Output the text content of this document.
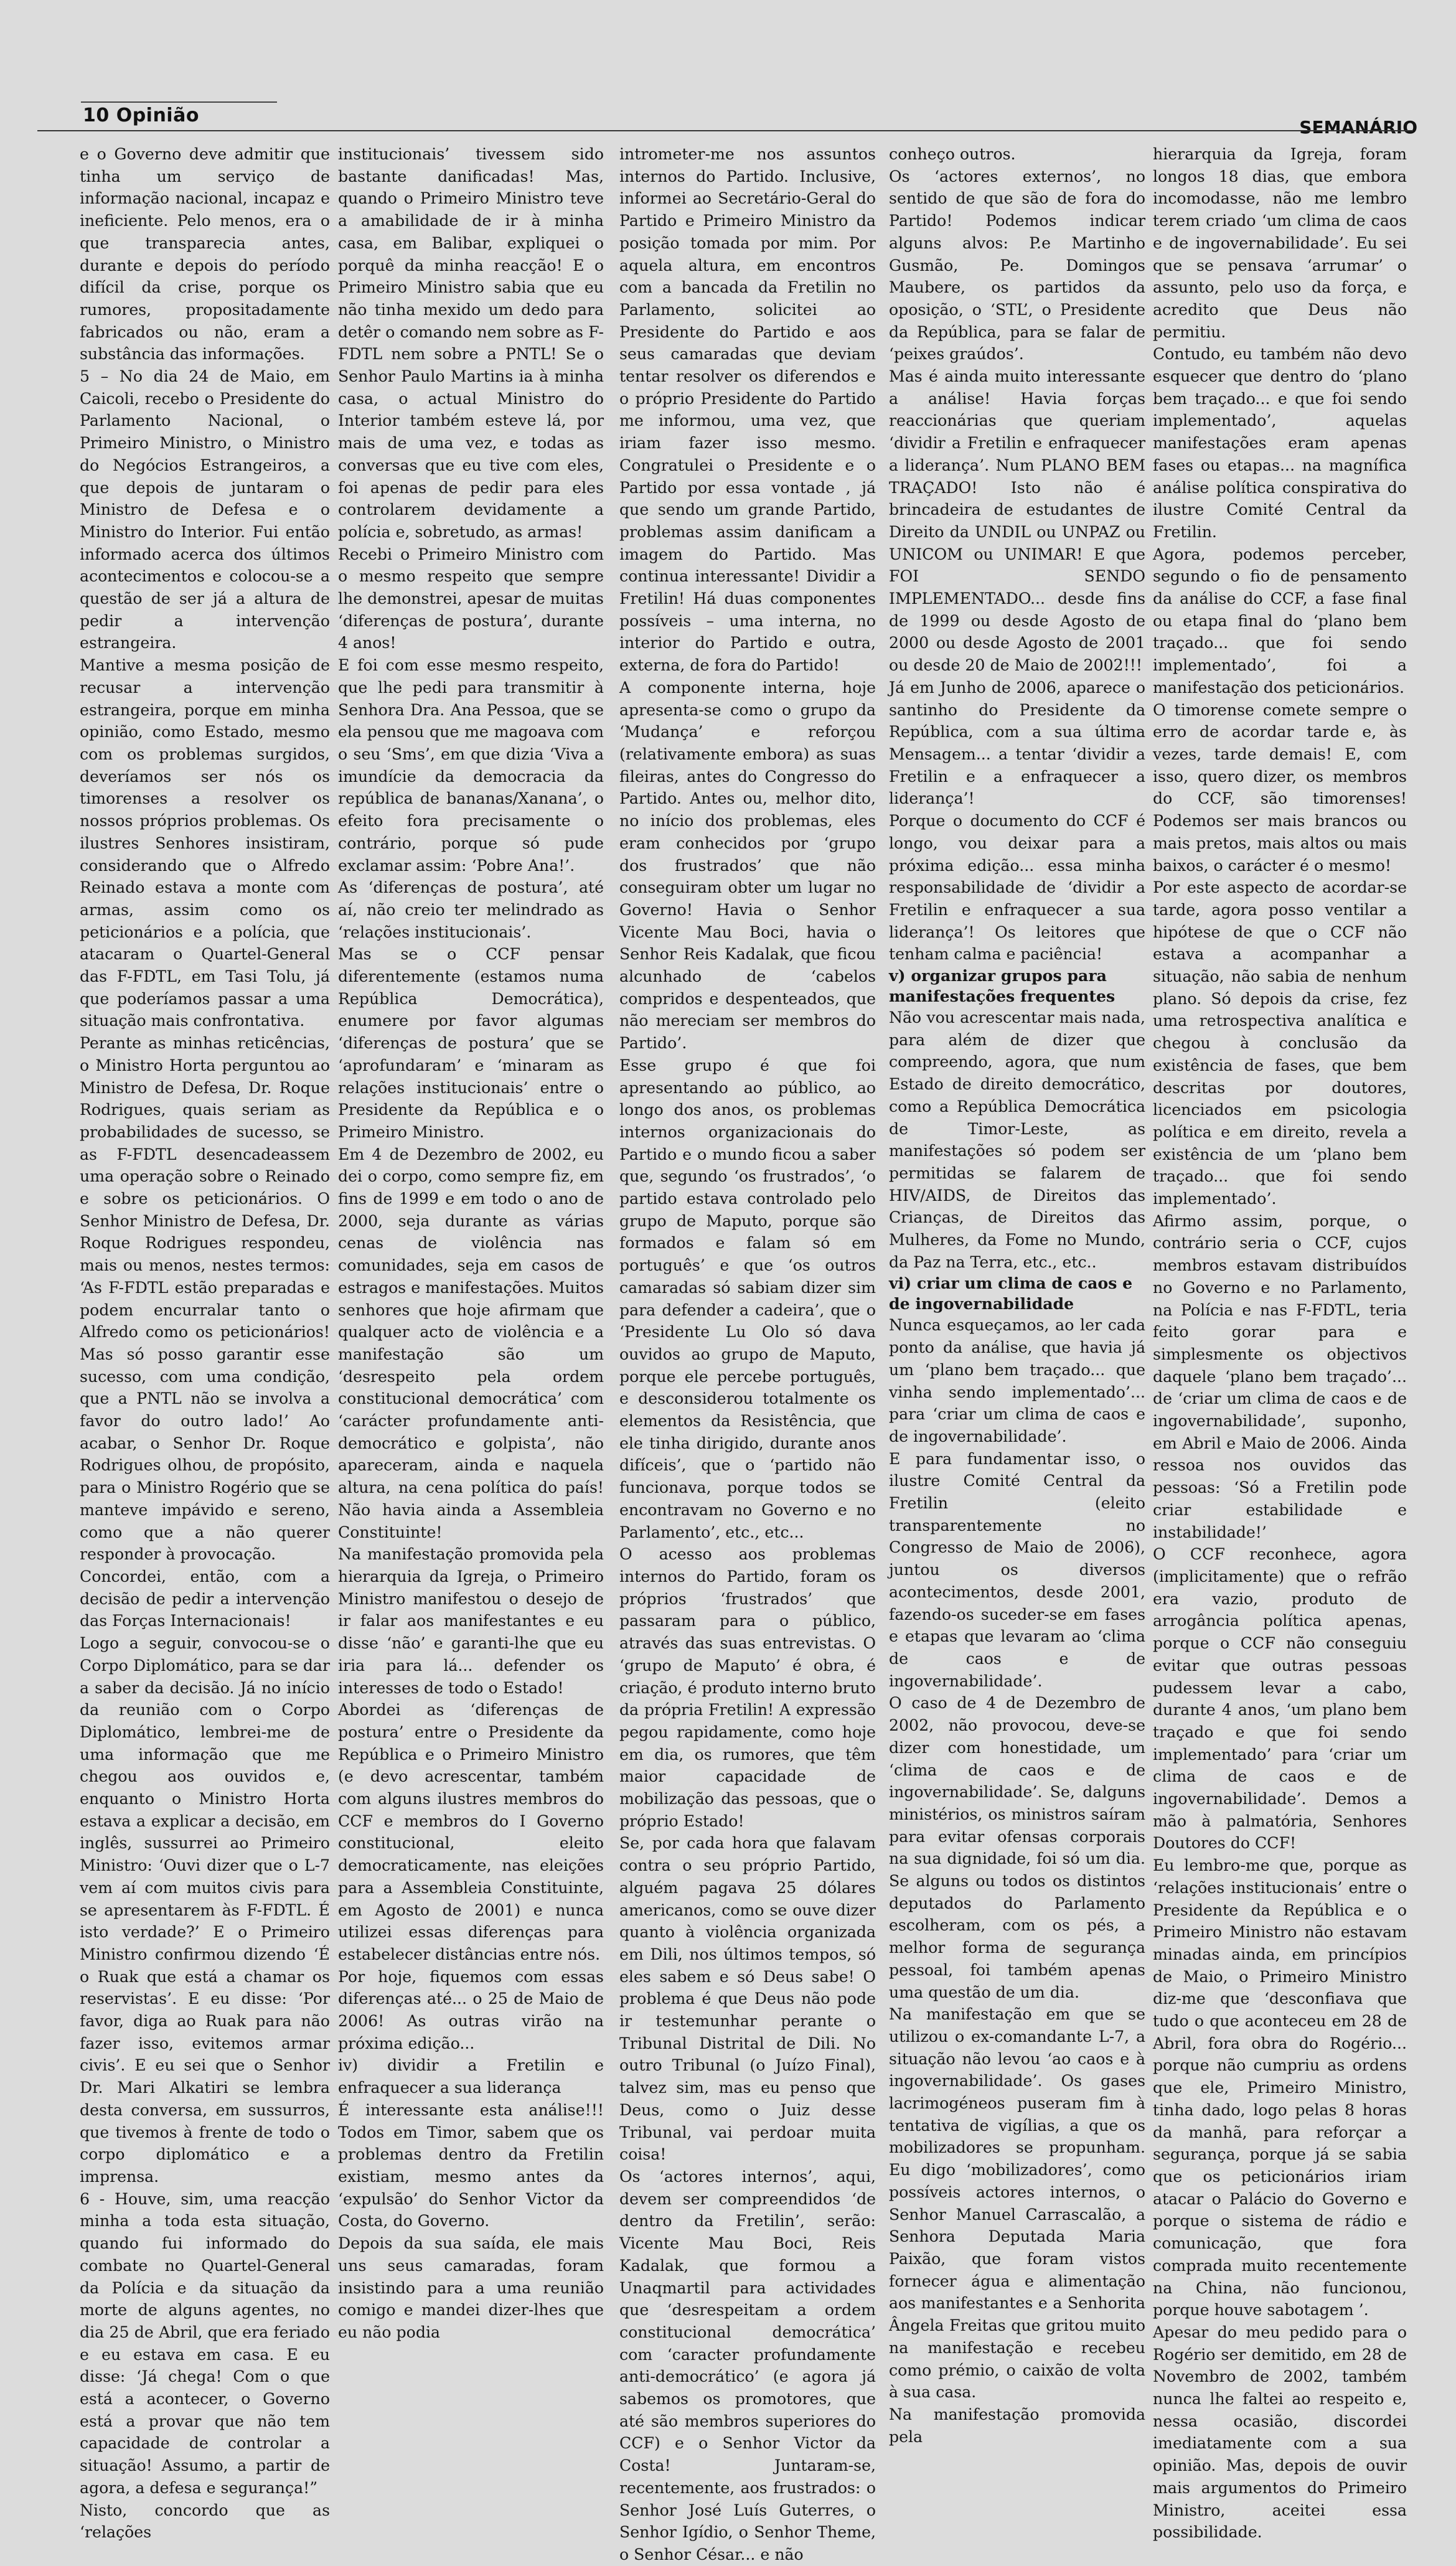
10 Opinião
SEMANÁRIO

e o Governo deve admitir que tinha um serviço de informação nacional, incapaz e ineficiente. Pelo menos, era o que transparecia antes, durante e depois do período difícil da crise, porque os rumores, propositadamente fabricados ou não, eram a substância das informações.

5 – No dia 24 de Maio, em Caicoli, recebo o Presidente do Parlamento Nacional, o Primeiro Ministro, o Ministro do Negócios Estrangeiros, a que depois de juntaram o Ministro de Defesa e o Ministro do Interior. Fui então informado acerca dos últimos acontecimentos e colocou-se a questão de ser já a altura de pedir a intervenção estrangeira.

Mantive a mesma posição de recusar a intervenção estrangeira, porque em minha opinião, como Estado, mesmo com os problemas surgidos, deveríamos ser nós os timorenses a resolver os nossos próprios problemas. Os ilustres Senhores insistiram, considerando que o Alfredo Reinado estava a monte com armas, assim como os peticionários e a polícia, que atacaram o Quartel-General das F-FDTL, em Tasi Tolu, já que poderíamos passar a uma situação mais confrontativa.

Perante as minhas reticências, o Ministro Horta perguntou ao Ministro de Defesa, Dr. Roque Rodrigues, quais seriam as probabilidades de sucesso, se as F-FDTL desencadeassem uma operação sobre o Reinado e sobre os peticionários. O Senhor Ministro de Defesa, Dr. Roque Rodrigues respondeu, mais ou menos, nestes termos: ‘As F-FDTL estão preparadas e podem encurralar tanto o Alfredo como os peticionários! Mas só posso garantir esse sucesso, com uma condição, que a PNTL não se involva a favor do outro lado!’ Ao acabar, o Senhor Dr. Roque Rodrigues olhou, de propósito, para o Ministro Rogério que se manteve impávido e sereno, como que a não querer responder à provocação.

Concordei, então, com a decisão de pedir a intervenção das Forças Internacionais!

Logo a seguir, convocou-se o Corpo Diplomático, para se dar a saber da decisão. Já no início da reunião com o Corpo Diplomático, lembrei-me de uma informação que me chegou aos ouvidos e, enquanto o Ministro Horta estava a explicar a decisão, em inglês, sussurrei ao Primeiro Ministro: ‘Ouvi dizer que o L-7 vem aí com muitos civis para se apresentarem às F-FDTL. É isto verdade?’ E o Primeiro Ministro confirmou dizendo ‘É o Ruak que está a chamar os reservistas’. E eu disse: ‘Por favor, diga ao Ruak para não fazer isso, evitemos armar civis’. E eu sei que o Senhor Dr. Mari Alkatiri se lembra desta conversa, em sussurros, que tivemos à frente de todo o corpo diplomático e a imprensa.

6 - Houve, sim, uma reacção minha a toda esta situação, quando fui informado do combate no Quartel-General da Polícia e da situação da morte de alguns agentes, no dia 25 de Abril, que era feriado e eu estava em casa. E eu disse: ‘Já chega! Com o que está a acontecer, o Governo está a provar que não tem capacidade de controlar a situação! Assumo, a partir de agora, a defesa e segurança!”

Nisto, concordo que as ‘relações

institucionais’ tivessem sido bastante danificadas! Mas, quando o Primeiro Ministro teve a amabilidade de ir à minha casa, em Balibar, expliquei o porquê da minha reacção! E o Primeiro Ministro sabia que eu não tinha mexido um dedo para detêr o comando nem sobre as F-FDTL nem sobre a PNTL! Se o Senhor Paulo Martins ia à minha casa, o actual Ministro do Interior também esteve lá, por mais de uma vez, e todas as conversas que eu tive com eles, foi apenas de pedir para eles controlarem devidamente a polícia e, sobretudo, as armas!

Recebi o Primeiro Ministro com o mesmo respeito que sempre lhe demonstrei, apesar de muitas ‘diferenças de postura’, durante 4 anos!

E foi com esse mesmo respeito, que lhe pedi para transmitir à Senhora Dra. Ana Pessoa, que se ela pensou que me magoava com o seu ‘Sms’, em que dizia ‘Viva a imundície da democracia da república de bananas/Xanana’, o efeito fora precisamente o contrário, porque só pude exclamar assim: ‘Pobre Ana!’.

As ‘diferenças de postura’, até aí, não creio ter melindrado as ‘relações institucionais’.

Mas se o CCF pensar diferentemente (estamos numa República Democrática), enumere por favor algumas ‘diferenças de postura’ que se ‘aprofundaram’ e ‘minaram as relações institucionais’ entre o Presidente da República e o Primeiro Ministro.

Em 4 de Dezembro de 2002, eu dei o corpo, como sempre fiz, em fins de 1999 e em todo o ano de 2000, seja durante as várias cenas de violência nas comunidades, seja em casos de estragos e manifestações. Muitos senhores que hoje afirmam que qualquer acto de violência e a manifestação são um ‘desrespeito pela ordem constitucional democrática’ com ‘carácter profundamente anti-democrático e golpista’, não apareceram, ainda e naquela altura, na cena política do país! Não havia ainda a Assembleia Constituinte!

Na manifestação promovida pela hierarquia da Igreja, o Primeiro Ministro manifestou o desejo de ir falar aos manifestantes e eu disse ‘não’ e garanti-lhe que eu iria para lá... defender os interesses de todo o Estado!

Abordei as ‘diferenças de postura’ entre o Presidente da República e o Primeiro Ministro (e devo acrescentar, também com alguns ilustres membros do CCF e membros do I Governo constitucional, eleito democraticamente, nas eleições para a Assembleia Constituinte, em Agosto de 2001) e nunca utilizei essas diferenças para estabelecer distâncias entre nós.

Por hoje, fiquemos com essas diferenças até... o 25 de Maio de 2006! As outras virão na próxima edição...

iv) dividir a Fretilin e enfraquecer a sua liderança

É interessante esta análise!!! Todos em Timor, sabem que os problemas dentro da Fretilin existiam, mesmo antes da ‘expulsão’ do Senhor Victor da Costa, do Governo.

Depois da sua saída, ele mais uns seus camaradas, foram insistindo para a uma reunião comigo e mandei dizer-lhes que eu não podia

intrometer-me nos assuntos internos do Partido. Inclusive, informei ao Secretário-Geral do Partido e Primeiro Ministro da posição tomada por mim. Por aquela altura, em encontros com a bancada da Fretilin no Parlamento, solicitei ao Presidente do Partido e aos seus camaradas que deviam tentar resolver os diferendos e o próprio Presidente do Partido me informou, uma vez, que iriam fazer isso mesmo. Congratulei o Presidente e o Partido por essa vontade , já que sendo um grande Partido, problemas assim danificam a imagem do Partido. Mas continua interessante! Dividir a Fretilin! Há duas componentes possíveis – uma interna, no interior do Partido e outra, externa, de fora do Partido!

A componente interna, hoje apresenta-se como o grupo da ‘Mudança’ e reforçou (relativamente embora) as suas fileiras, antes do Congresso do Partido. Antes ou, melhor dito, no início dos problemas, eles eram conhecidos por ‘grupo dos frustrados’ que não conseguiram obter um lugar no Governo! Havia o Senhor Vicente Mau Boci, havia o Senhor Reis Kadalak, que ficou alcunhado de ‘cabelos compridos e despenteados, que não mereciam ser membros do Partido’.

Esse grupo é que foi apresentando ao público, ao longo dos anos, os problemas internos organizacionais do Partido e o mundo ficou a saber que, segundo ‘os frustrados’, ‘o partido estava controlado pelo grupo de Maputo, porque são formados e falam só em português’ e que ‘os outros camaradas só sabiam dizer sim para defender a cadeira’, que o ‘Presidente Lu Olo só dava ouvidos ao grupo de Maputo, porque ele percebe português, e desconsiderou totalmente os elementos da Resistência, que ele tinha dirigido, durante anos difíceis’, que o ‘partido não funcionava, porque todos se encontravam no Governo e no Parlamento’, etc., etc...

O acesso aos problemas internos do Partido, foram os próprios ‘frustrados’ que passaram para o público, através das suas entrevistas. O ‘grupo de Maputo’ é obra, é criação, é produto interno bruto da própria Fretilin! A expressão pegou rapidamente, como hoje em dia, os rumores, que têm maior capacidade de mobilização das pessoas, que o próprio Estado!

Se, por cada hora que falavam contra o seu próprio Partido, alguém pagava 25 dólares americanos, como se ouve dizer quanto à violência organizada em Dili, nos últimos tempos, só eles sabem e só Deus sabe! O problema é que Deus não pode ir testemunhar perante o Tribunal Distrital de Dili. No outro Tribunal (o Juízo Final), talvez sim, mas eu penso que Deus, como o Juiz desse Tribunal, vai perdoar muita coisa!

Os ‘actores internos’, aqui, devem ser compreendidos ‘de dentro da Fretilin’, serão: Vicente Mau Boci, Reis Kadalak, que formou a Unaqmartil para actividades que ‘desrespeitam a ordem constitucional democrática’ com ‘caracter profundamente anti-democrático’ (e agora já sabemos os promotores, que até são membros superiores do CCF) e o Senhor Victor da Costa! Juntaram-se, recentemente, aos frustrados: o Senhor José Luís Guterres, o Senhor Igídio, o Senhor Theme, o Senhor César... e não

conheço outros.

Os ‘actores externos’, no sentido de que são de fora do Partido! Podemos indicar alguns alvos: P.e Martinho Gusmão, Pe. Domingos Maubere, os partidos da oposição, o ‘STL’, o Presidente da República, para se falar de ‘peixes graúdos’.

Mas é ainda muito interessante a análise! Havia forças reaccionárias que queriam ‘dividir a Fretilin e enfraquecer a liderança’. Num PLANO BEM TRAÇADO! Isto não é brincadeira de estudantes de Direito da UNDIL ou UNPAZ ou UNICOM ou UNIMAR! E que FOI SENDO IMPLEMENTADO... desde fins de 1999 ou desde Agosto de 2000 ou desde Agosto de 2001 ou desde 20 de Maio de 2002!!!

Já em Junho de 2006, aparece o santinho do Presidente da República, com a sua última Mensagem... a tentar ‘dividir a Fretilin e a enfraquecer a liderança’!

Porque o documento do CCF é longo, vou deixar para a próxima edição... essa minha responsabilidade de ‘dividir a Fretilin e enfraquecer a sua liderança’! Os leitores que tenham calma e paciência!

v) organizar grupos para manifestações frequentes

Não vou acrescentar mais nada, para além de dizer que compreendo, agora, que num Estado de direito democrático, como a República Democrática de Timor-Leste, as manifestações só podem ser permitidas se falarem de HIV/AIDS, de Direitos das Crianças, de Direitos das Mulheres, da Fome no Mundo, da Paz na Terra, etc., etc..

vi) criar um clima de caos e de ingovernabilidade

Nunca esqueçamos, ao ler cada ponto da análise, que havia já um ‘plano bem traçado... que vinha sendo implementado’... para ‘criar um clima de caos e de ingovernabilidade’.

E para fundamentar isso, o ilustre Comité Central da Fretilin (eleito transparentemente no Congresso de Maio de 2006), juntou os diversos acontecimentos, desde 2001, fazendo-os suceder-se em fases e etapas que levaram ao ‘clima de caos e de ingovernabilidade’.

O caso de 4 de Dezembro de 2002, não provocou, deve-se dizer com honestidade, um ‘clima de caos e de ingovernabilidade’. Se, dalguns ministérios, os ministros saíram para evitar ofensas corporais na sua dignidade, foi só um dia. Se alguns ou todos os distintos deputados do Parlamento escolheram, com os pés, a melhor forma de segurança pessoal, foi também apenas uma questão de um dia.

Na manifestação em que se utilizou o ex-comandante L-7, a situação não levou ‘ao caos e à ingovernabilidade’. Os gases lacrimogéneos puseram fim à tentativa de vigílias, a que os mobilizadores se propunham. Eu digo ‘mobilizadores’, como possíveis actores internos, o Senhor Manuel Carrascalão, a Senhora Deputada Maria Paixão, que foram vistos fornecer água e alimentação aos manifestantes e a Senhorita Ângela Freitas que gritou muito na manifestação e recebeu como prémio, o caixão de volta à sua casa.

Na manifestação promovida pela

hierarquia da Igreja, foram longos 18 dias, que embora incomodasse, não me lembro terem criado ‘um clima de caos e de ingovernabilidade’. Eu sei que se pensava ‘arrumar’ o assunto, pelo uso da força, e acredito que Deus não permitiu.

Contudo, eu também não devo esquecer que dentro do ‘plano bem traçado... e que foi sendo implementado’, aquelas manifestações eram apenas fases ou etapas... na magnífica análise política conspirativa do ilustre Comité Central da Fretilin.

Agora, podemos perceber, segundo o fio de pensamento da análise do CCF, a fase final ou etapa final do ‘plano bem traçado... que foi sendo implementado’, foi a manifestação dos peticionários.

O timorense comete sempre o erro de acordar tarde e, às vezes, tarde demais! E, com isso, quero dizer, os membros do CCF, são timorenses! Podemos ser mais brancos ou mais pretos, mais altos ou mais baixos, o carácter é o mesmo!

Por este aspecto de acordar-se tarde, agora posso ventilar a hipótese de que o CCF não estava a acompanhar a situação, não sabia de nenhum plano. Só depois da crise, fez uma retrospectiva analítica e chegou à conclusão da existência de fases, que bem descritas por doutores, licenciados em psicologia política e em direito, revela a existência de um ‘plano bem traçado... que foi sendo implementado’.

Afirmo assim, porque, o contrário seria o CCF, cujos membros estavam distribuídos no Governo e no Parlamento, na Polícia e nas F-FDTL, teria feito gorar para e simplesmente os objectivos daquele ‘plano bem traçado’... de ‘criar um clima de caos e de ingovernabilidade’, suponho, em Abril e Maio de 2006. Ainda ressoa nos ouvidos das pessoas: ‘Só a Fretilin pode criar estabilidade e instabilidade!’

O CCF reconhece, agora (implicitamente) que o refrão era vazio, produto de arrogância política apenas, porque o CCF não conseguiu evitar que outras pessoas pudessem levar a cabo, durante 4 anos, ‘um plano bem traçado e que foi sendo implementado’ para ‘criar um clima de caos e de ingovernabilidade’. Demos a mão à palmatória, Senhores Doutores do CCF!

Eu lembro-me que, porque as ‘relações institucionais’ entre o Presidente da República e o Primeiro Ministro não estavam minadas ainda, em princípios de Maio, o Primeiro Ministro diz-me que ‘desconfiava que tudo o que aconteceu em 28 de Abril, fora obra do Rogério... porque não cumpriu as ordens que ele, Primeiro Ministro, tinha dado, logo pelas 8 horas da manhã, para reforçar a segurança, porque já se sabia que os peticionários iriam atacar o Palácio do Governo e porque o sistema de rádio e comunicação, que fora comprada muito recentemente na China, não funcionou, porque houve sabotagem ’.

Apesar do meu pedido para o Rogério ser demitido, em 28 de Novembro de 2002, também nunca lhe faltei ao respeito e, nessa ocasião, discordei imediatamente com a sua opinião. Mas, depois de ouvir mais argumentos do Primeiro Ministro, aceitei essa possibilidade.
